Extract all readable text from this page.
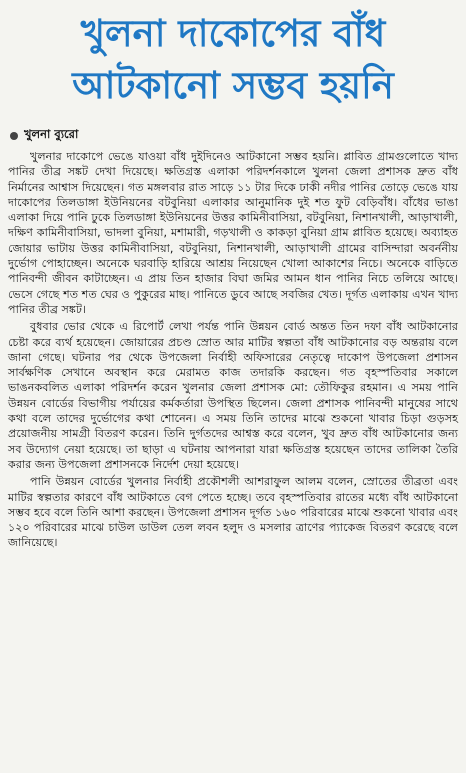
খুলনা দাকোপের বাঁধ
আটকানো সম্ভব হয়নি
খুলনা ব্যুরো

খুলনার দাকোপে ভেঙে যাওয়া বাঁধ দুইদিনেও আটকানো সম্ভব হয়নি। প্লাবিত গ্রামগুলোতে খাদ্য পানির তীব্র সঙ্কট দেখা দিয়েছে। ক্ষতিগ্রস্ত এলাকা পরিদর্শনকালে খুলনা জেলা প্রশাসক দ্রুত বাঁধ নির্মানের আশ্বাস দিয়েছেন। গত মঙ্গলবার রাত সাড়ে ১১ টার দিকে ঢাকী নদীর পানির তোড়ে ভেঙে যায় দাকোপের তিলডাঙ্গা ইউনিয়নের বটবুনিয়া এলাকার আনুমানিক দুই শত ফুট বেড়িবাঁধ। বাঁধের ভাঙা এলাকা দিয়ে পানি ঢুকে তিলডাঙ্গা ইউনিয়নের উত্তর কামিনীবাসিয়া, বটবুনিয়া, নিশানখালী, আড়াখালী, দক্ষিণ কামিনীবাসিয়া, ভাদলা বুনিয়া, মশামারী, গড়খালী ও কাকড়া বুনিয়া গ্রাম প্লাবিত হয়েছে। অব্যাহত জোয়ার ভাটায় উত্তর কামিনীবাসিয়া, বটবুনিয়া, নিশানখালী, আড়াখালী গ্রামের বাসিন্দারা অবর্ননীয় দুর্ভোগ পোহাচ্ছেন। অনেকে ঘরবাড়ি হারিয়ে আশ্রয় নিয়েছেন খোলা আকাশের নিচে। অনেকে বাড়িতে পানিবন্দী জীবন কাটাচ্ছেন। এ প্রায় তিন হাজার বিঘা জমির আমন ধান পানির নিচে তলিয়ে আছে। ভেসে গেছে শত শত ঘের ও পুকুরের মাছ। পানিতে ডুবে আছে সবজির খেত। দূর্গত এলাকায় এখন খাদ্য পানির তীব্র সঙ্কট।

বুধবার ভোর থেকে এ রিপোর্ট লেখা পর্যন্ত পানি উন্নয়ন বোর্ড অন্তত তিন দফা বাঁধ আটকানোর চেষ্টা করে ব্যর্থ হয়েছেন। জোয়ারের প্রচণ্ড স্রোত আর মাটির স্বল্পতা বাঁধ আটকানোর বড় অন্তরায় বলে জানা গেছে। ঘটনার পর থেকে উপজেলা নির্বাহী অফিসারের নেতৃত্বে দাকোপ উপজেলা প্রশাসন সার্বক্ষণিক সেখানে অবস্থান করে মেরামত কাজ তদারকি করছেন। গত বৃহস্পতিবার সকালে ভাঙনকবলিত এলাকা পরিদর্শন করেন খুলনার জেলা প্রশাসক মো: তৌফিকুর রহমান। এ সময় পানি উন্নয়ন বোর্ডের বিভাগীয় পর্যায়ের কর্মকর্তারা উপস্থিত ছিলেন। জেলা প্রশাসক পানিবন্দী মানুষের সাথে কথা বলে তাদের দুর্ভোগের কথা শোনেন। এ সময় তিনি তাদের মাঝে শুকনো খাবার চিড়া গুড়সহ প্রয়োজনীয় সামগ্রী বিতরণ করেন। তিনি দুর্গতদের আশ্বস্ত করে বলেন, খুব দ্রুত বাঁধ আটকানোর জন্য সব উদ্যোগ নেয়া হয়েছে। তা ছাড়া এ ঘটনায় আপনারা যারা ক্ষতিগ্রস্ত হয়েছেন তাদের তালিকা তৈরি করার জন্য উপজেলা প্রশাসনকে নির্দেশ দেয়া হয়েছে।

পানি উন্নয়ন বোর্ডের খুলনার নির্বাহী প্রকৌশলী আশরাফুল আলম বলেন, স্রোতের তীব্রতা এবং মাটির স্বল্পতার কারণে বাঁধ আটকাতে বেগ পেতে হচ্ছে। তবে বৃহস্পতিবার রাতের মধ্যে বাঁধ আটকানো সম্ভব হবে বলে তিনি আশা করছেন। উপজেলা প্রশাসন দূর্গত ১৬০ পরিবারের মাঝে শুকনো খাবার এবং ১২০ পরিবারের মাঝে চাউল ডাউল তেল লবন হলুদ ও মসলার ত্রাণের প্যাকেজ বিতরণ করেছে বলে জানিয়েছে।
